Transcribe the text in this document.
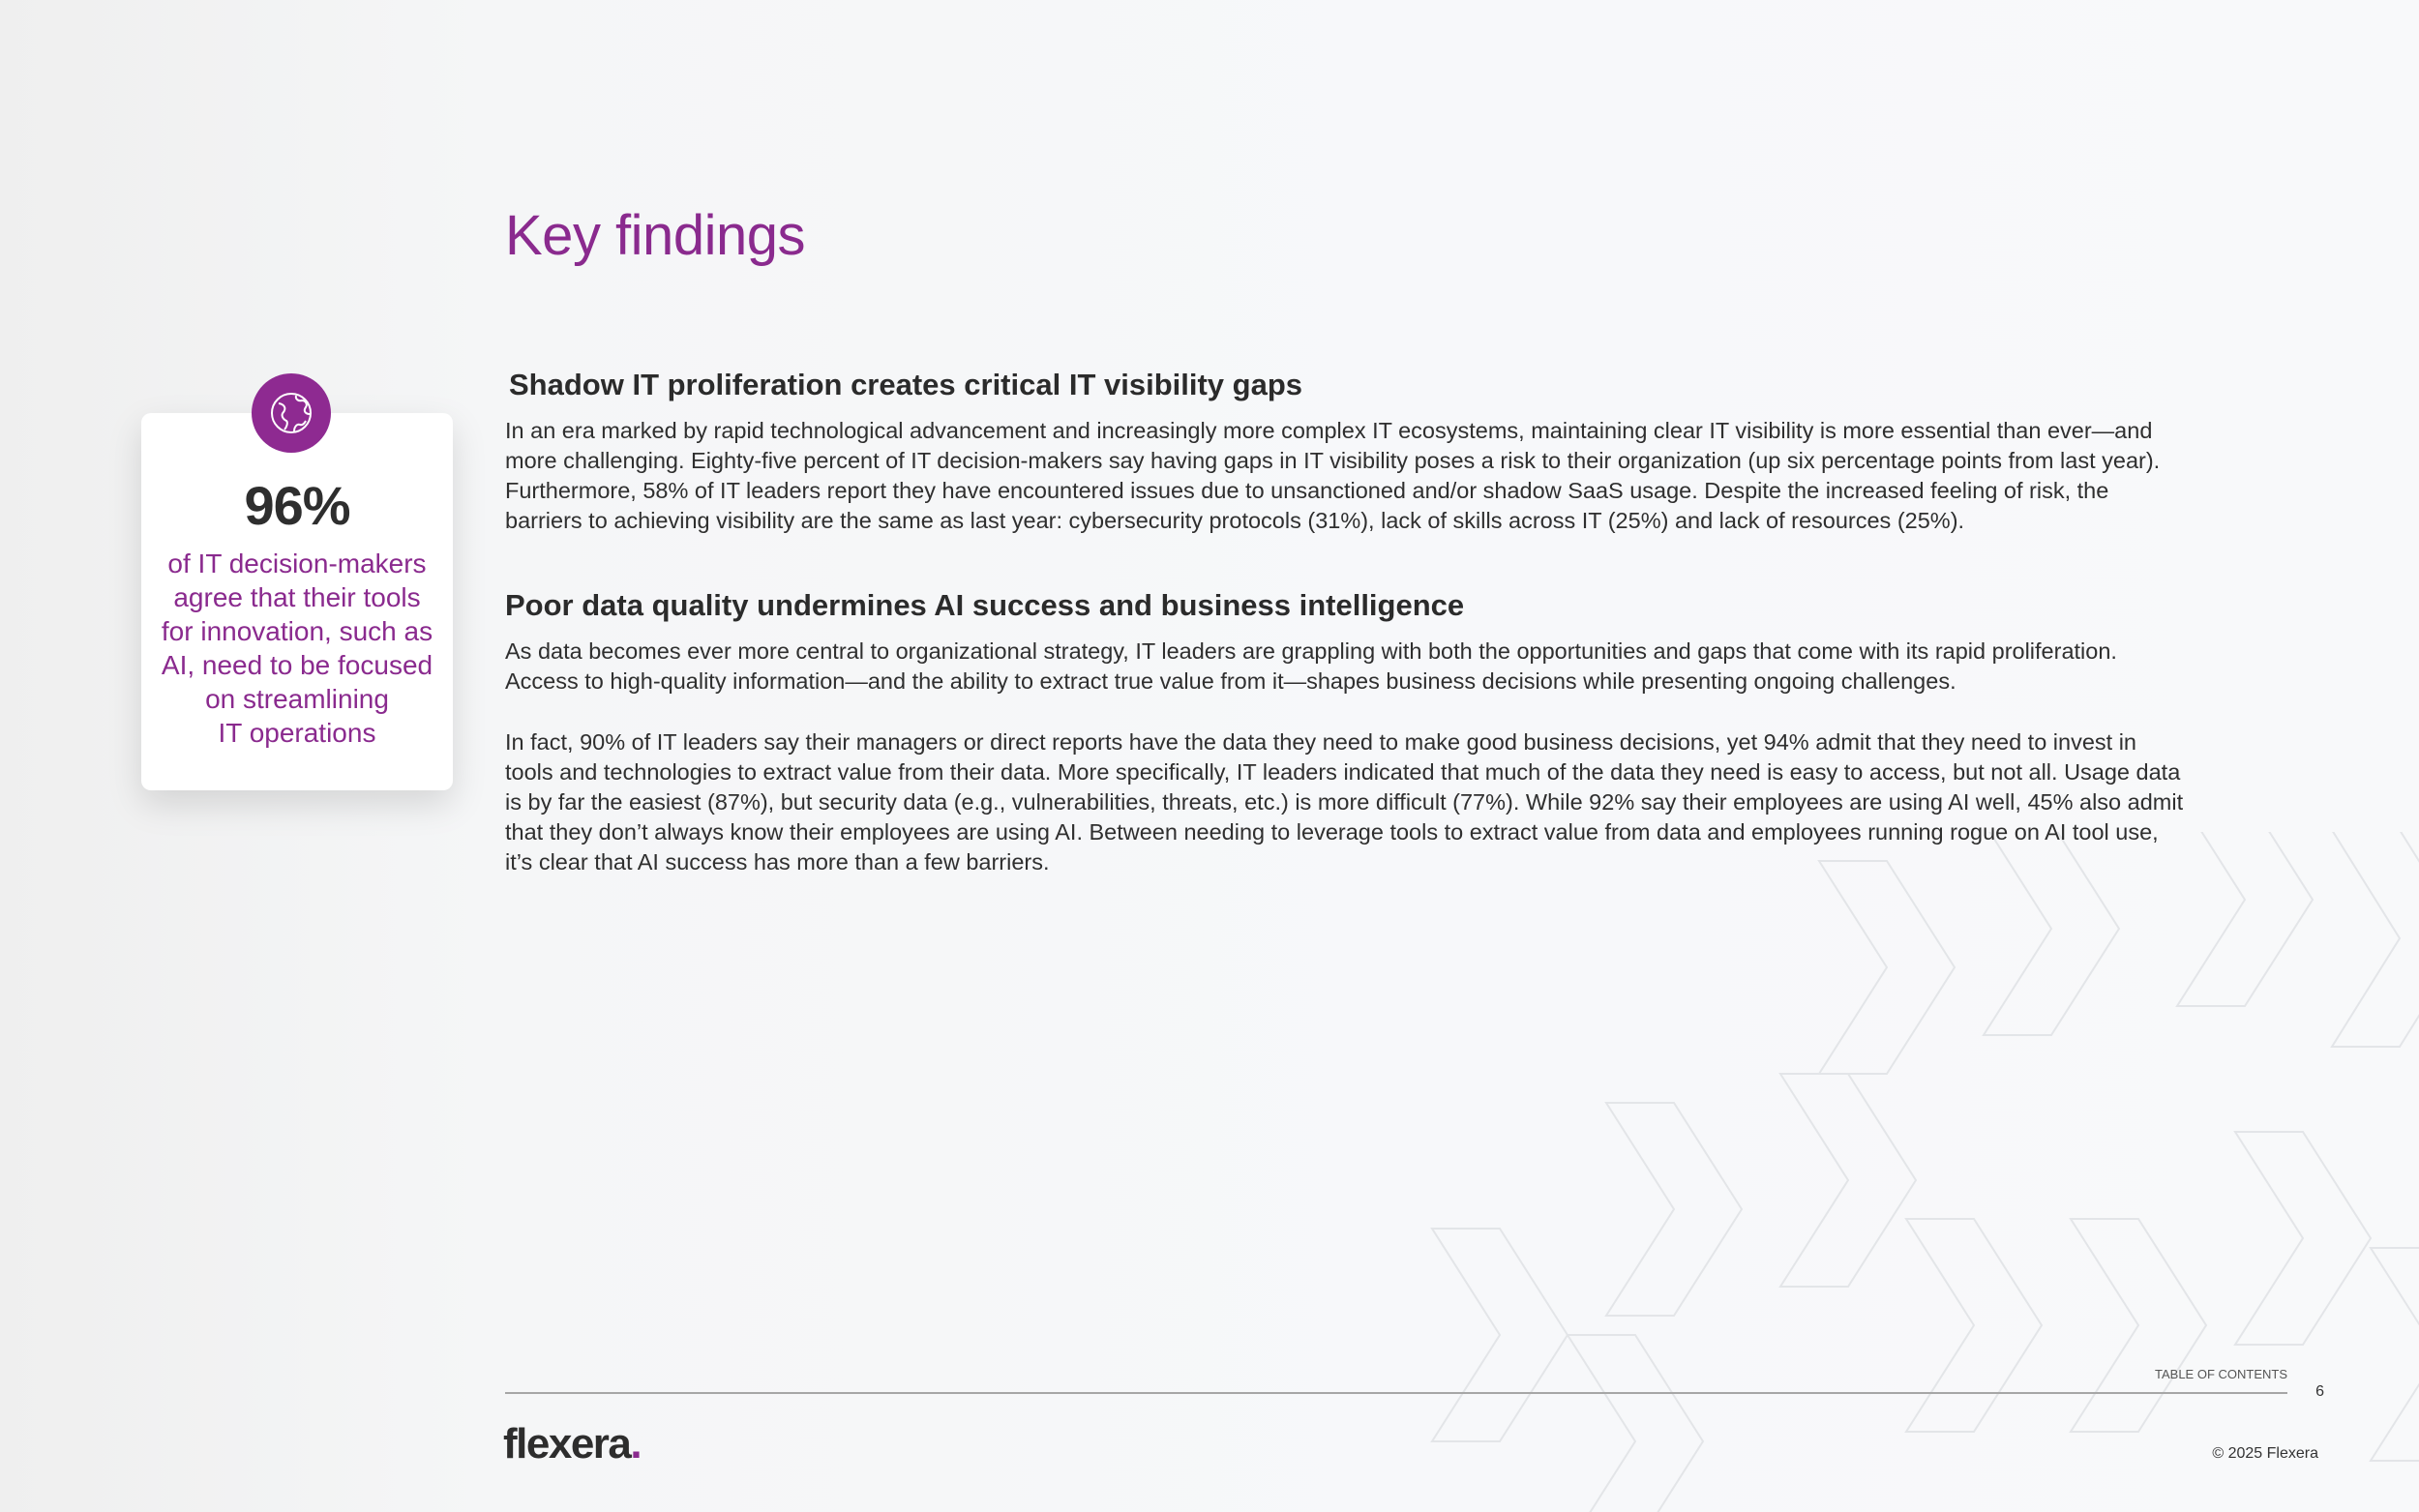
Key findings
96%
of IT decision-makers
agree that their tools
for innovation, such as
AI, need to be focused
on streamlining
IT operations
Shadow IT proliferation creates critical IT visibility gaps

In an era marked by rapid technological advancement and increasingly more complex IT ecosystems, maintaining clear IT visibility is more essential than ever—and more challenging. Eighty-five percent of IT decision-makers say having gaps in IT visibility poses a risk to their organization (up six percentage points from last year). Furthermore, 58% of IT leaders report they have encountered issues due to unsanctioned and/or shadow SaaS usage. Despite the increased feeling of risk, the barriers to achieving visibility are the same as last year: cybersecurity protocols (31%), lack of skills across IT (25%) and lack of resources (25%).

Poor data quality undermines AI success and business intelligence

As data becomes ever more central to organizational strategy, IT leaders are grappling with both the opportunities and gaps that come with its rapid proliferation. Access to high-quality information—and the ability to extract true value from it—shapes business decisions while presenting ongoing challenges.

In fact, 90% of IT leaders say their managers or direct reports have the data they need to make good business decisions, yet 94% admit that they need to invest in tools and technologies to extract value from their data. More specifically, IT leaders indicated that much of the data they need is easy to access, but not all. Usage data is by far the easiest (87%), but security data (e.g., vulnerabilities, threats, etc.) is more difficult (77%). While 92% say their employees are using AI well, 45% also admit that they don’t always know their employees are using AI. Between needing to leverage tools to extract value from data and employees running rogue on AI tool use, it’s clear that AI success has more than a few barriers.

TABLE OF CONTENTS
6
flexera.	© 2025 Flexera
